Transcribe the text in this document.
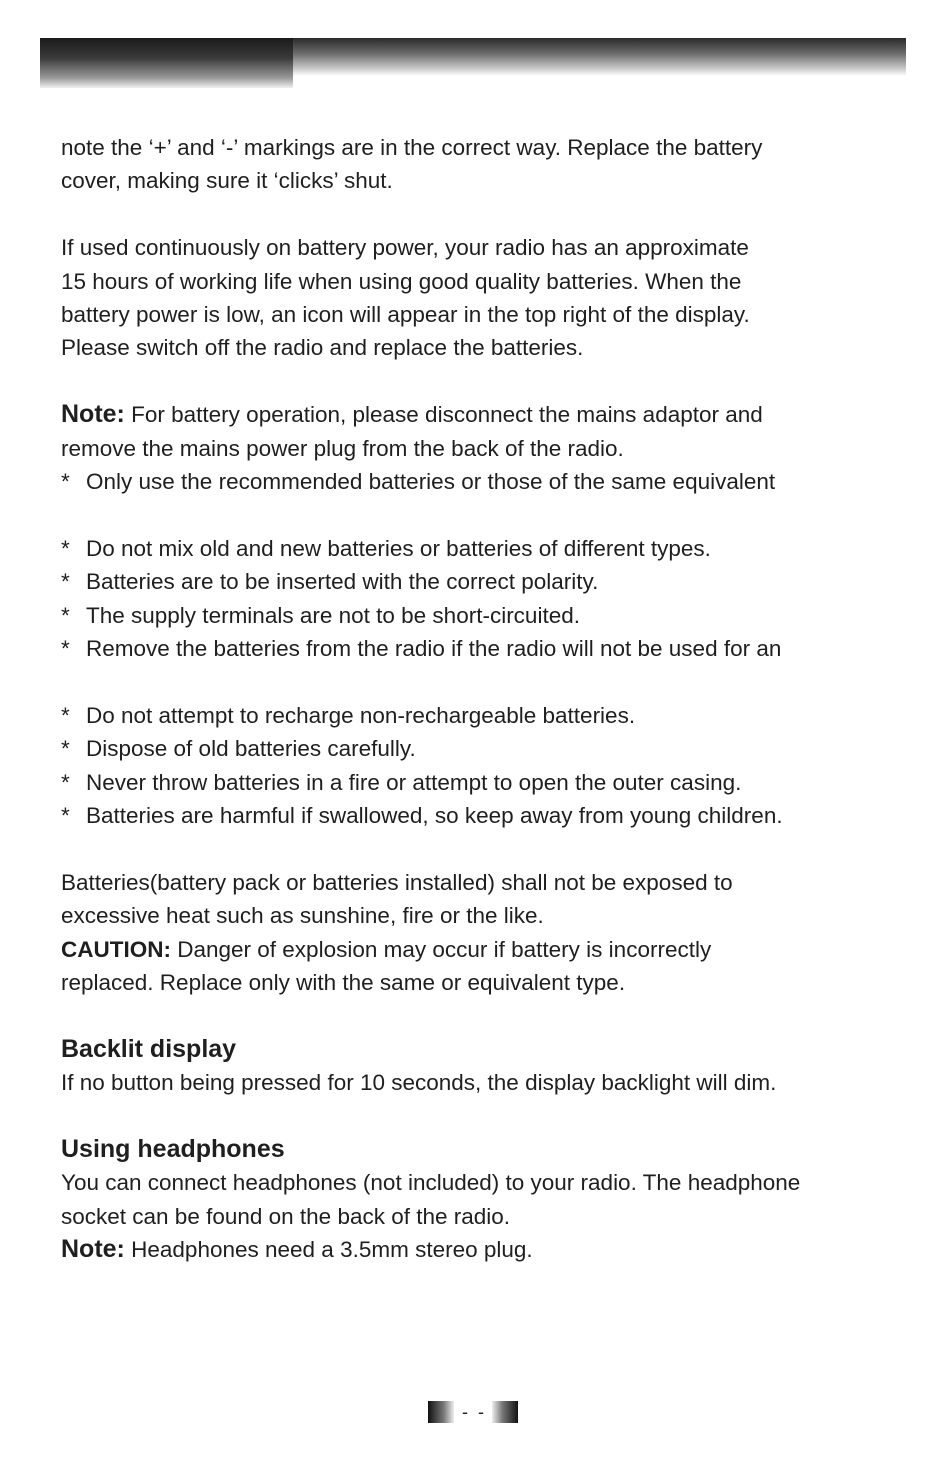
note the ‘+’ and ‘-’ markings are in the correct way. Replace the battery

cover, making sure it ‘clicks’ shut.

If used continuously on battery power, your radio has an approximate

15 hours of working life when using good quality batteries. When the

battery power is low, an icon will appear in the top right of the display.

Please switch off the radio and replace the batteries.

Note: For battery operation, please disconnect the mains adaptor and

remove the mains power plug from the back of the radio.

* Only use the recommended batteries or those of the same equivalent
* Do not mix old and new batteries or batteries of different types.
* Batteries are to be inserted with the correct polarity.
* The supply terminals are not to be short-circuited.
* Remove the batteries from the radio if the radio will not be used for an
* Do not attempt to recharge non-rechargeable batteries.
* Dispose of old batteries carefully.
* Never throw batteries in a fire or attempt to open the outer casing.
* Batteries are harmful if swallowed, so keep away from young children.

Batteries(battery pack or batteries installed) shall not be exposed to

excessive heat such as sunshine, fire or the like.

CAUTION: Danger of explosion may occur if battery is incorrectly

replaced. Replace only with the same or equivalent type.

Backlit display

If no button being pressed for 10 seconds, the display backlight will dim.

Using headphones

You can connect headphones (not included) to your radio. The headphone

socket can be found on the back of the radio.

Note: Headphones need a 3.5mm stereo plug.

-  -
